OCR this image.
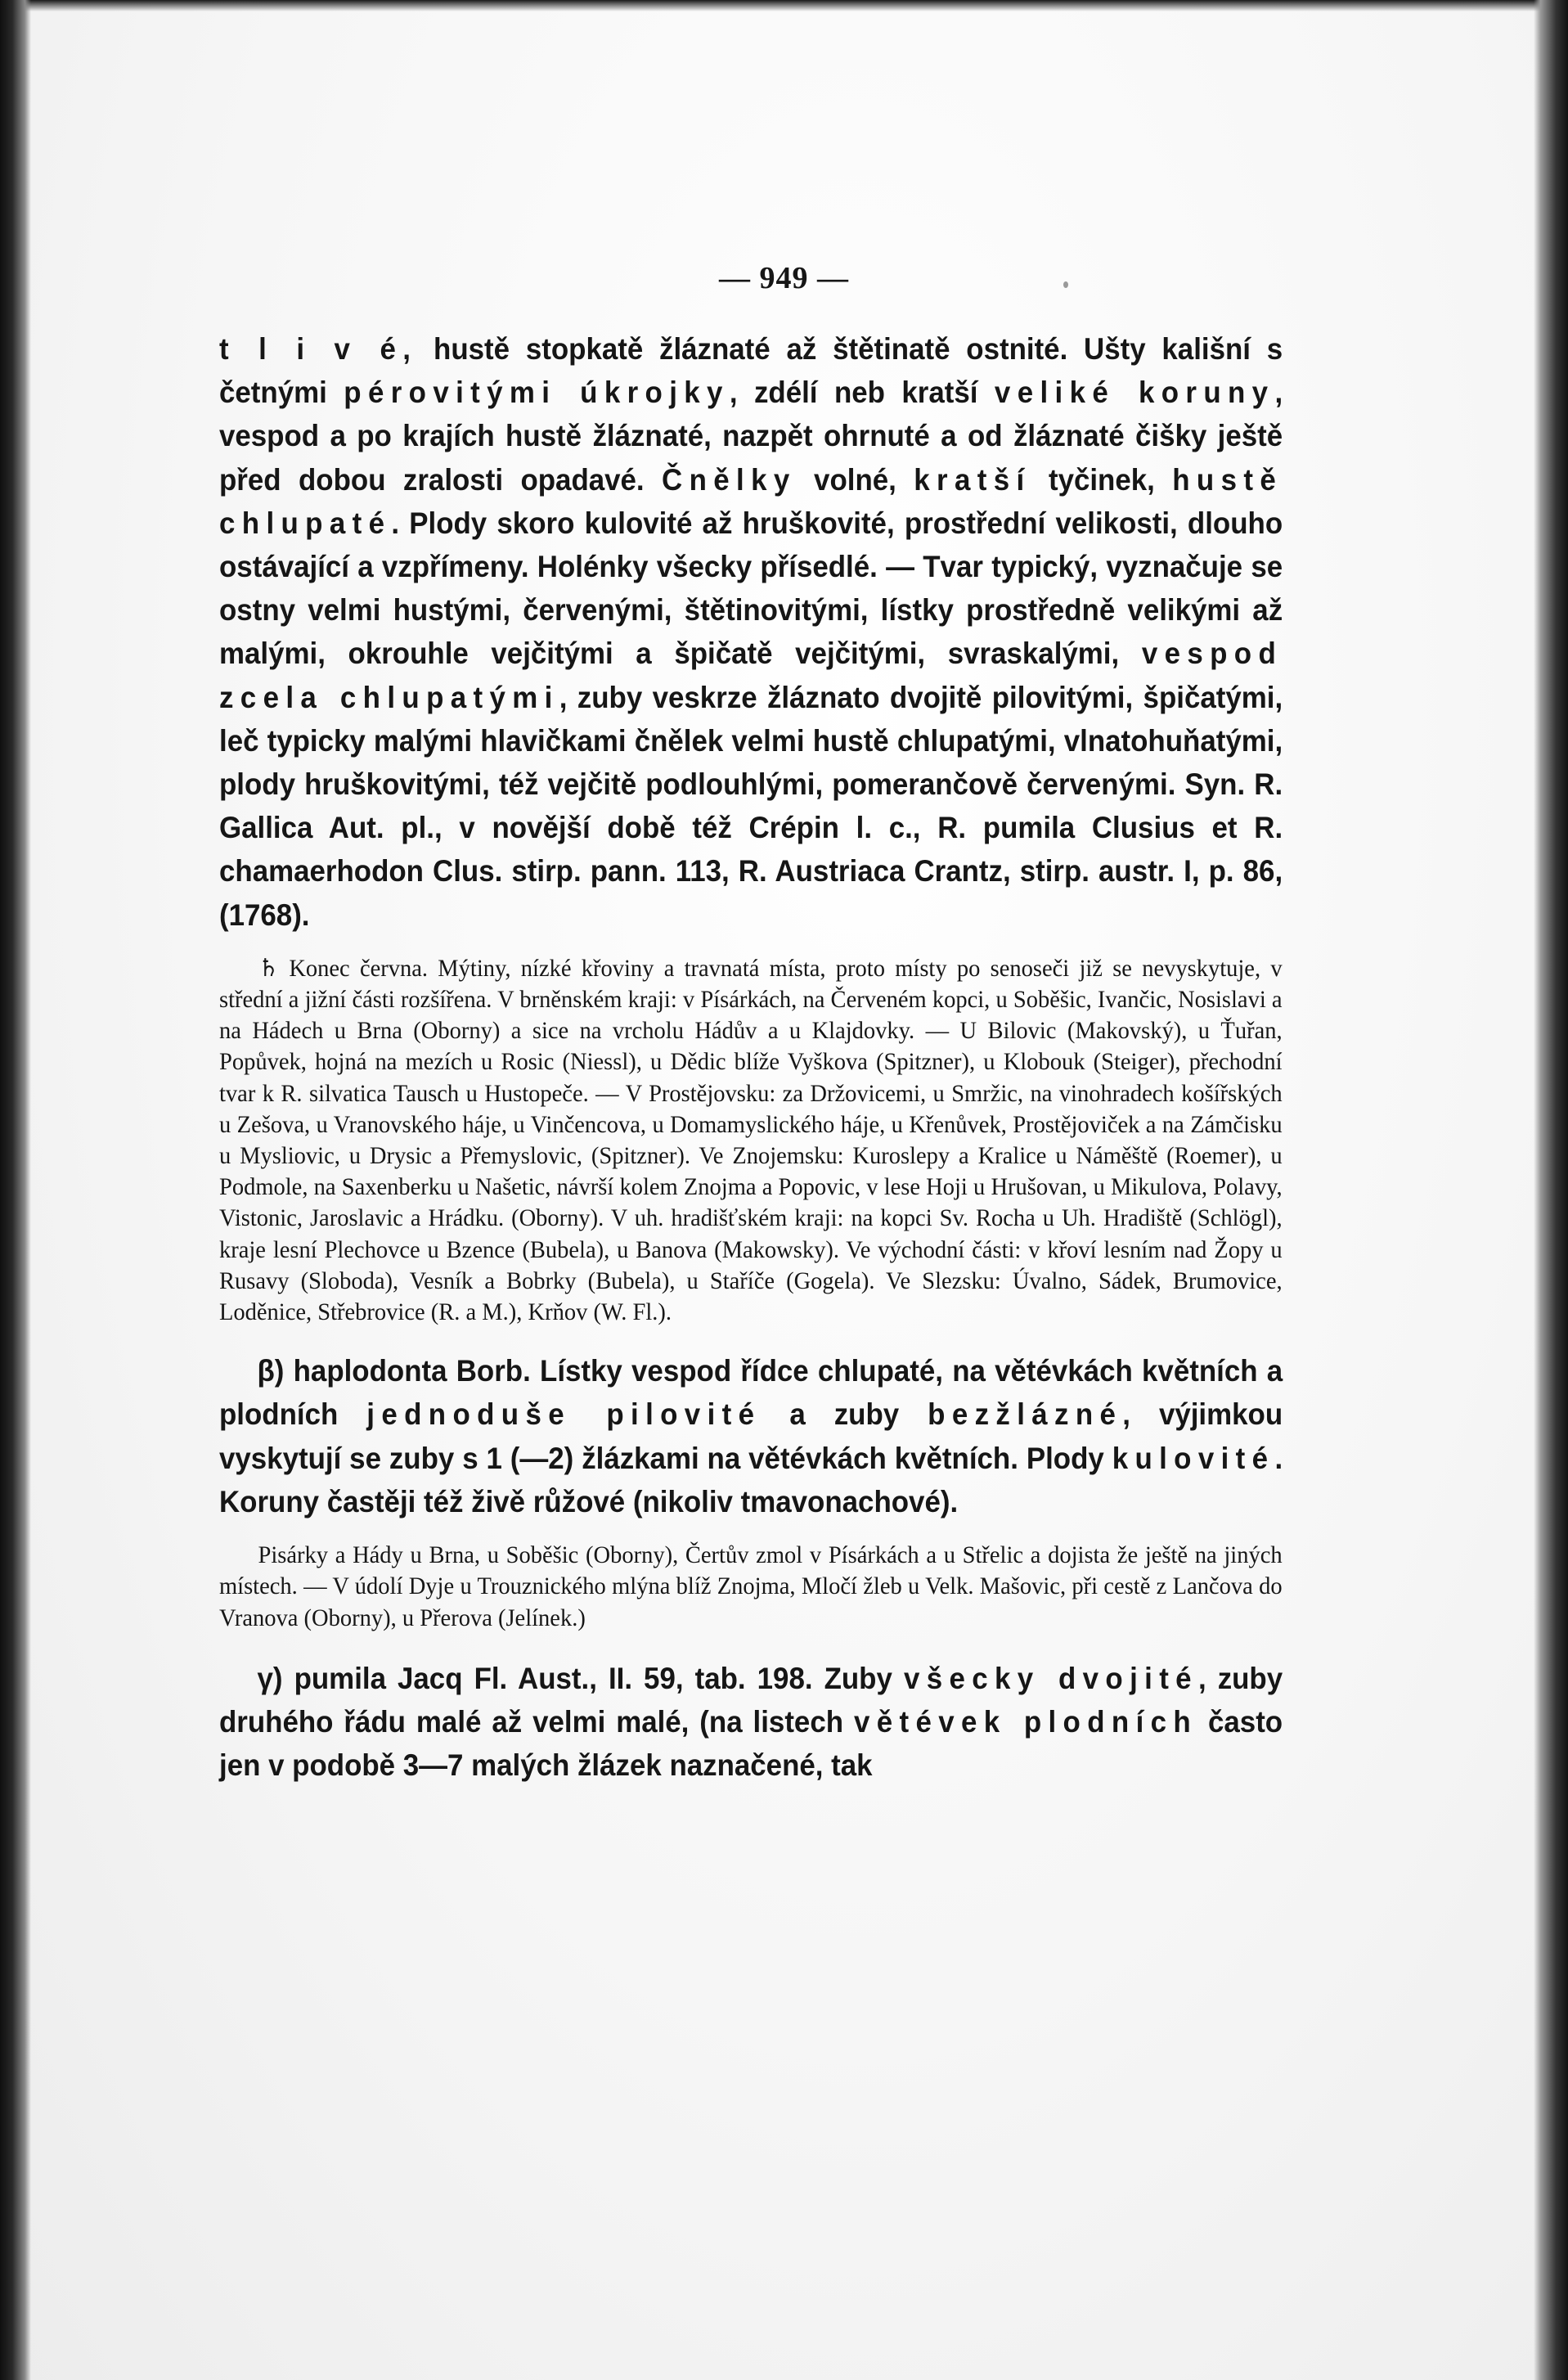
— 949 —

t l i v é, hustě stopkatě žláznaté až štětinatě ostnité. Ušty kališní s četnými pérovitými úkrojky, zdélí neb kratší veliké koruny, vespod a po krajích hustě žláznaté, nazpět ohrnuté a od žláznaté čišky ještě před dobou zralosti opadavé. Čnělky volné, kratší tyčinek, hustě chlupaté. Plody skoro kulovité až hruškovité, prostřední velikosti, dlouho ostávající a vzpřímeny. Holénky všecky přísedlé. — Tvar typický, vyznačuje se ostny velmi hustými, červenými, štětinovitými, lístky prostředně velikými až malými, okrouhle vejčitými a špičatě vejčitými, svraskalými, vespod zcela chlupatými, zuby veskrze žláznato dvojitě pilovitými, špičatými, leč typicky malými hlavičkami čnělek velmi hustě chlupatými, vlnatohuňatými, plody hruškovitými, též vejčitě podlouhlými, pomerančově červenými. Syn. R. Gallica Aut. pl., v novější době též Crépin l. c., R. pumila Clusius et R. chamaerhodon Clus. stirp. pann. 113, R. Austriaca Crantz, stirp. austr. I, p. 86, (1768).

♄ Konec června. Mýtiny, nízké křoviny a travnatá místa, proto místy po senoseči již se nevyskytuje, v střední a jižní části rozšířena. V brněnském kraji: v Písárkách, na Červeném kopci, u Soběšic, Ivančic, Nosislavi a na Hádech u Brna (Oborny) a sice na vrcholu Hádův a u Klajdovky. — U Bilovic (Makovský), u Ťuřan, Popůvek, hojná na mezích u Rosic (Niessl), u Dědic blíže Vyškova (Spitzner), u Klobouk (Steiger), přechodní tvar k R. silvatica Tausch u Hustopeče. — V Prostějovsku: za Držovicemi, u Smržic, na vinohradech košířských u Zešova, u Vranovského háje, u Vinčencova, u Domamyslického háje, u Křenůvek, Prostějoviček a na Zámčisku u Mysliovic, u Drysic a Přemyslovic, (Spitzner). Ve Znojemsku: Kuroslepy a Kralice u Náměště (Roemer), u Podmole, na Saxenberku u Našetic, návrší kolem Znojma a Popovic, v lese Hoji u Hrušovan, u Mikulova, Polavy, Vistonic, Jaroslavic a Hrádku. (Oborny). V uh. hradišťském kraji: na kopci Sv. Rocha u Uh. Hradiště (Schlögl), kraje lesní Plechovce u Bzence (Bubela), u Banova (Makowsky). Ve východní části: v křoví lesním nad Žopy u Rusavy (Sloboda), Vesník a Bobrky (Bubela), u Staříče (Gogela). Ve Slezsku: Úvalno, Sádek, Brumovice, Loděnice, Střebrovice (R. a M.), Krňov (W. Fl.).

β) haplodonta Borb. Lístky vespod řídce chlupaté, na větévkách květních a plodních jednoduše pilovité a zuby bezžlázné, výjimkou vyskytují se zuby s 1 (—2) žlázkami na větévkách květních. Plody kulovité. Koruny častěji též živě růžové (nikoliv tmavonachové).

Pisárky a Hády u Brna, u Soběšic (Oborny), Čertův zmol v Písárkách a u Střelic a dojista že ještě na jiných místech. — V údolí Dyje u Trouznického mlýna blíž Znojma, Mločí žleb u Velk. Mašovic, při cestě z Lančova do Vranova (Oborny), u Přerova (Jelínek.)

γ) pumila Jacq Fl. Aust., II. 59, tab. 198. Zuby všecky dvojité, zuby druhého řádu malé až velmi malé, (na listech větévek plodních často jen v podobě 3—7 malých žlázek naznačené, tak
